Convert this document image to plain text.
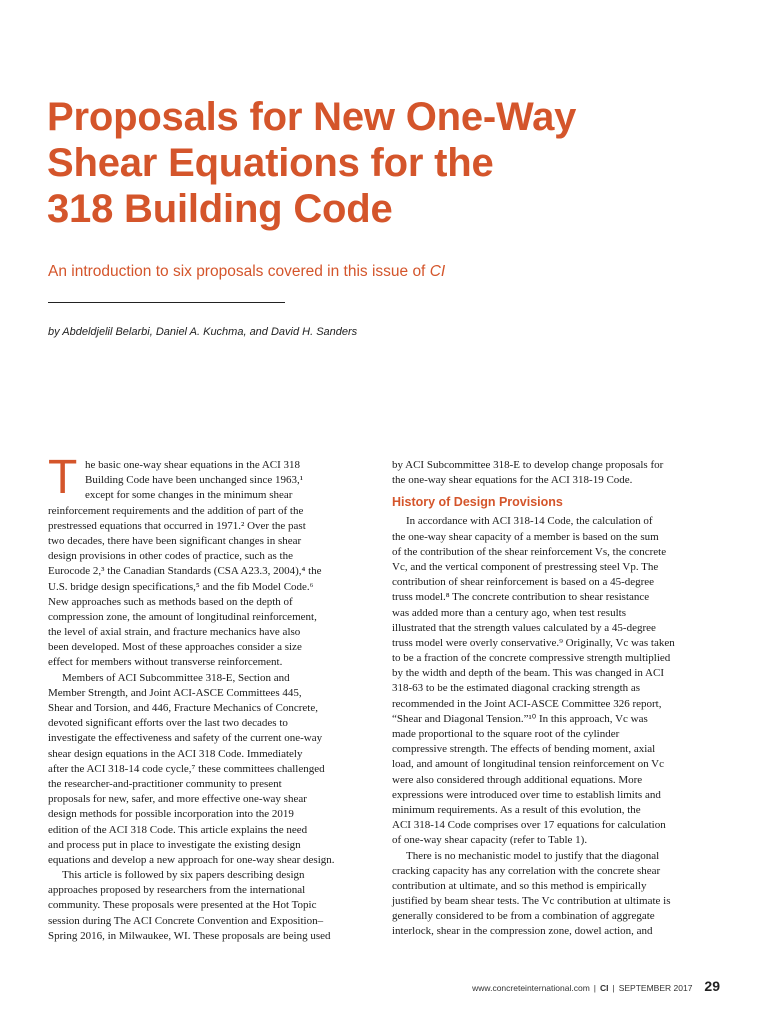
Proposals for New One-Way
Shear Equations for the
318 Building Code

An introduction to six proposals covered in this issue of CI

by Abdeldjelil Belarbi, Daniel A. Kuchma, and David H. Sanders

T he basic one-way shear equations in the ACI 318
Building Code have been unchanged since 1963,¹
except for some changes in the minimum shear
reinforcement requirements and the addition of part of the
prestressed equations that occurred in 1971.² Over the past
two decades, there have been significant changes in shear
design provisions in other codes of practice, such as the
Eurocode 2,³ the Canadian Standards (CSA A23.3, 2004),⁴ the
U.S. bridge design specifications,⁵ and the fib Model Code.⁶
New approaches such as methods based on the depth of
compression zone, the amount of longitudinal reinforcement,
the level of axial strain, and fracture mechanics have also
been developed. Most of these approaches consider a size
effect for members without transverse reinforcement.
Members of ACI Subcommittee 318-E, Section and
Member Strength, and Joint ACI-ASCE Committees 445,
Shear and Torsion, and 446, Fracture Mechanics of Concrete,
devoted significant efforts over the last two decades to
investigate the effectiveness and safety of the current one-way
shear design equations in the ACI 318 Code. Immediately
after the ACI 318-14 code cycle,⁷ these committees challenged
the researcher-and-practitioner community to present
proposals for new, safer, and more effective one-way shear
design methods for possible incorporation into the 2019
edition of the ACI 318 Code. This article explains the need
and process put in place to investigate the existing design
equations and develop a new approach for one-way shear design.
This article is followed by six papers describing design
approaches proposed by researchers from the international
community. These proposals were presented at the Hot Topic
session during The ACI Concrete Convention and Exposition–
Spring 2016, in Milwaukee, WI. These proposals are being used
by ACI Subcommittee 318-E to develop change proposals for
the one-way shear equations for the ACI 318-19 Code.
History of Design Provisions
In accordance with ACI 318-14 Code, the calculation of
the one-way shear capacity of a member is based on the sum
of the contribution of the shear reinforcement Vs, the concrete
Vc, and the vertical component of prestressing steel Vp. The
contribution of shear reinforcement is based on a 45-degree
truss model.⁸ The concrete contribution to shear resistance
was added more than a century ago, when test results
illustrated that the strength values calculated by a 45-degree
truss model were overly conservative.⁹ Originally, Vc was taken
to be a fraction of the concrete compressive strength multiplied
by the width and depth of the beam. This was changed in ACI
318-63 to be the estimated diagonal cracking strength as
recommended in the Joint ACI-ASCE Committee 326 report,
“Shear and Diagonal Tension.”¹⁰ In this approach, Vc was
made proportional to the square root of the cylinder
compressive strength. The effects of bending moment, axial
load, and amount of longitudinal tension reinforcement on Vc
were also considered through additional equations. More
expressions were introduced over time to establish limits and
minimum requirements. As a result of this evolution, the
ACI 318-14 Code comprises over 17 equations for calculation
of one-way shear capacity (refer to Table 1).
There is no mechanistic model to justify that the diagonal
cracking capacity has any correlation with the concrete shear
contribution at ultimate, and so this method is empirically
justified by beam shear tests. The Vc contribution at ultimate is
generally considered to be from a combination of aggregate
interlock, shear in the compression zone, dowel action, and
www.concreteinternational.com | CI | SEPTEMBER 2017 29
